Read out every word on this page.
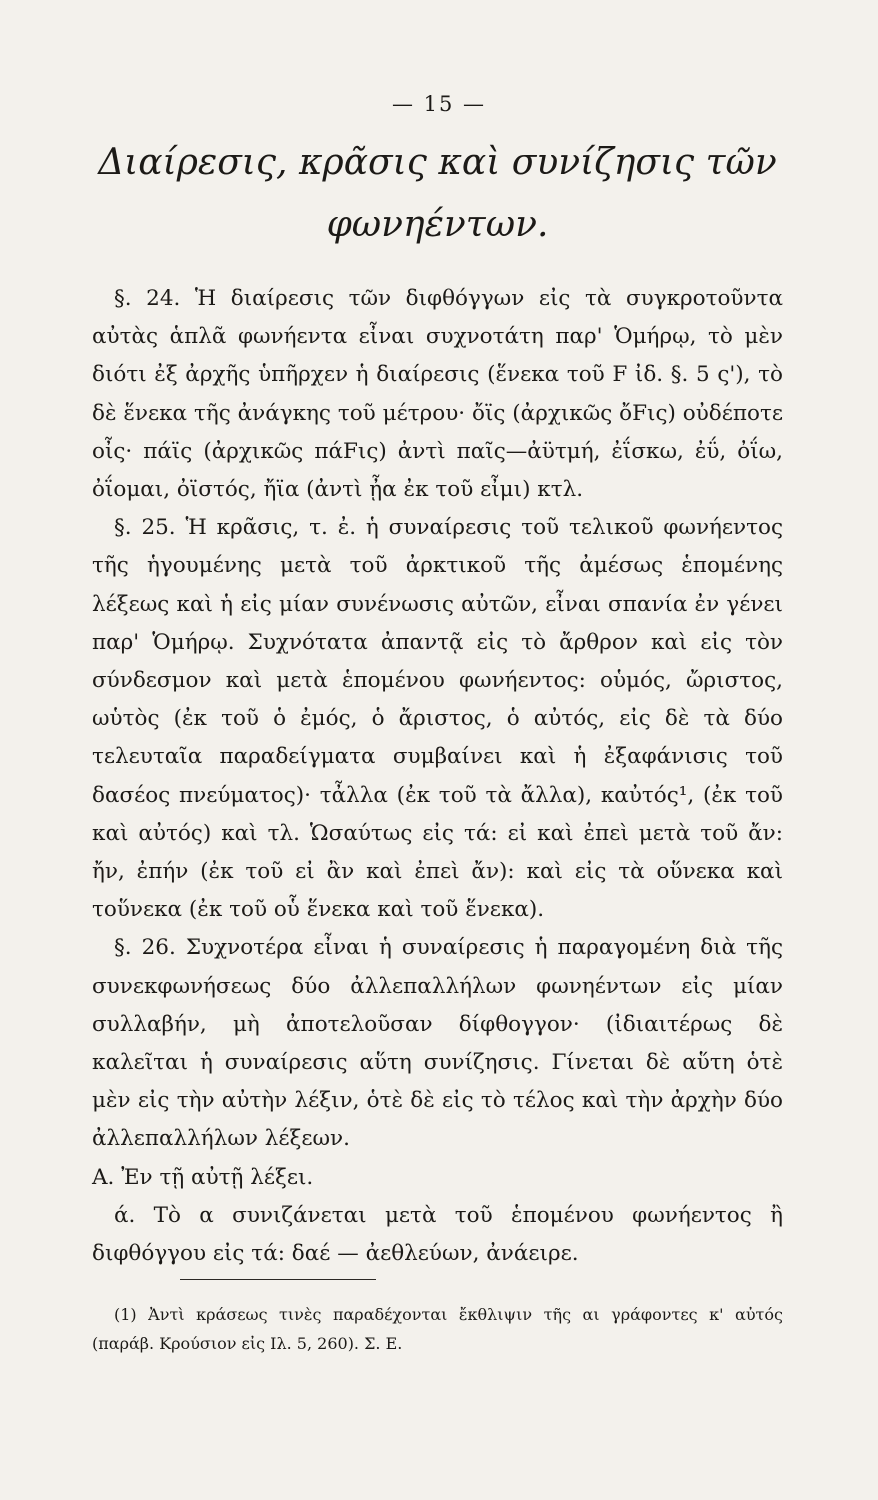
— 15 —
Διαίρεσις, κρᾶσις καὶ συνίζησις τῶν
φωνηέντων.

§. 24. Ἡ διαίρεσις τῶν διφθόγγων εἰς τὰ συγκροτοῦντα αὐτὰς ἁπλᾶ φωνήεντα εἶναι συχνοτάτη παρ' Ὁμήρῳ, τὸ μὲν διότι ἐξ ἀρχῆς ὑπῆρχεν ἡ διαίρεσις (ἕνεκα τοῦ F ἰδ. §. 5 ς'), τὸ δὲ ἕνεκα τῆς ἀνάγκης τοῦ μέτρου· ὄϊς (ἀρχικῶς ὄFις) οὐδέποτε οἶς· πάϊς (ἀρχικῶς πάFις) ἀντὶ παῖς—ἀϋτμή, ἐΐσκω, ἐΰ, ὀΐω, ὀΐομαι, ὀϊστός, ἤϊα (ἀντὶ ᾖα ἐκ τοῦ εἶμι) κτλ.

§. 25. Ἡ κρᾶσις, τ. ἐ. ἡ συναίρεσις τοῦ τελικοῦ φωνήεντος τῆς ἡγουμένης μετὰ τοῦ ἀρκτικοῦ τῆς ἀμέσως ἑπομένης λέξεως καὶ ἡ εἰς μίαν συνένωσις αὐτῶν, εἶναι σπανία ἐν γένει παρ' Ὁμήρῳ. Συχνότατα ἀπαντᾷ εἰς τὸ ἄρθρον καὶ εἰς τὸν σύνδεσμον καὶ μετὰ ἑπομένου φωνήεντος: οὑμός, ὤριστος, ωὑτὸς (ἐκ τοῦ ὁ ἐμός, ὁ ἄριστος, ὁ αὐτός, εἰς δὲ τὰ δύο τελευταῖα παραδείγματα συμβαίνει καὶ ἡ ἐξαφάνισις τοῦ δασέος πνεύματος)· τἆλλα (ἐκ τοῦ τὰ ἄλλα), καὐτός¹, (ἐκ τοῦ καὶ αὐτός) καὶ τλ. Ὡσαύτως εἰς τά: εἰ καὶ ἐπεὶ μετὰ τοῦ ἄν: ἤν, ἐπήν (ἐκ τοῦ εἰ ἂν καὶ ἐπεὶ ἄν): καὶ εἰς τὰ οὕνεκα καὶ τοὕνεκα (ἐκ τοῦ οὗ ἕνεκα καὶ τοῦ ἕνεκα).

§. 26. Συχνοτέρα εἶναι ἡ συναίρεσις ἡ παραγομένη διὰ τῆς συνεκφωνήσεως δύο ἀλλεπαλλήλων φωνηέντων εἰς μίαν συλλαβήν, μὴ ἀποτελοῦσαν δίφθογγον· (ἰδιαιτέρως δὲ καλεῖται ἡ συναίρεσις αὕτη συνίζησις. Γίνεται δὲ αὕτη ὁτὲ μὲν εἰς τὴν αὐτὴν λέξιν, ὁτὲ δὲ εἰς τὸ τέλος καὶ τὴν ἀρχὴν δύο ἀλλεπαλλήλων λέξεων.

Α. Ἐν τῇ αὐτῇ λέξει.

ά. Τὸ α συνιζάνεται μετὰ τοῦ ἑπομένου φωνήεντος ἢ διφθόγγου εἰς τά: δαέ — ἀεθλεύων, ἀνάειρε.

(1) Ἀντὶ κράσεως τινὲς παραδέχονται ἔκθλιψιν τῆς αι γράφοντες κ' αὐτός (παράβ. Κρούσιον εἰς Ιλ. 5, 260). Σ. Ε.
